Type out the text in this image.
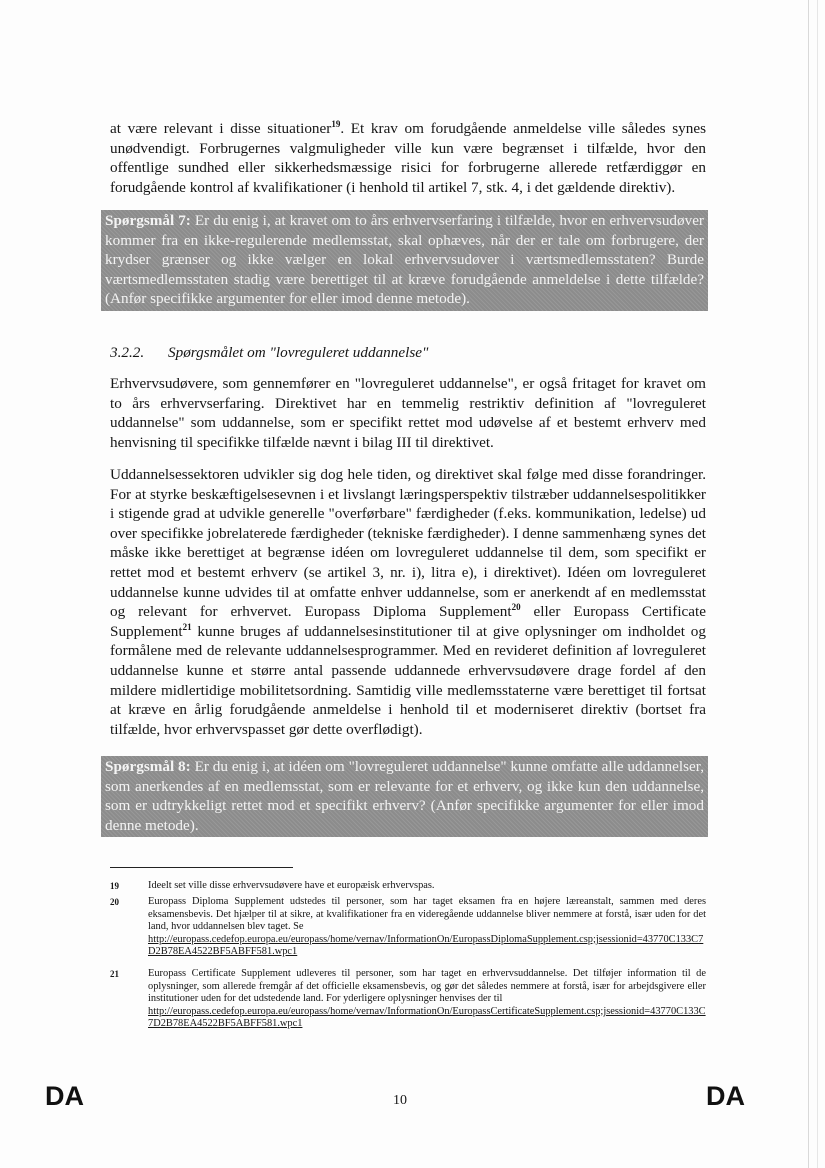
at være relevant i disse situationer$^{19}$. Et krav om forudgående anmeldelse ville således synes unødvendigt. Forbrugernes valgmuligheder ville kun være begrænset i tilfælde, hvor den offentlige sundhed eller sikkerhedsmæssige risici for forbrugerne allerede retfærdiggør en forudgående kontrol af kvalifikationer (i henhold til artikel 7, stk. 4, i det gældende direktiv).

Spørgsmål 7: Er du enig i, at kravet om to års erhvervserfaring i tilfælde, hvor en erhvervsudøver kommer fra en ikke-regulerende medlemsstat, skal ophæves, når der er tale om forbrugere, der krydser grænser og ikke vælger en lokal erhvervsudøver i værtsmedlemsstaten? Burde værtsmedlemsstaten stadig være berettiget til at kræve forudgående anmeldelse i dette tilfælde? (Anfør specifikke argumenter for eller imod denne metode).

3.2.2. Spørgsmålet om "lovreguleret uddannelse"

Erhvervsudøvere, som gennemfører en "lovreguleret uddannelse", er også fritaget for kravet om to års erhvervserfaring. Direktivet har en temmelig restriktiv definition af "lovreguleret uddannelse" som uddannelse, som er specifikt rettet mod udøvelse af et bestemt erhverv med henvisning til specifikke tilfælde nævnt i bilag III til direktivet.

Uddannelsessektoren udvikler sig dog hele tiden, og direktivet skal følge med disse forandringer. For at styrke beskæftigelsesevnen i et livslangt læringsperspektiv tilstræber uddannelsespolitikker i stigende grad at udvikle generelle "overførbare" færdigheder (f.eks. kommunikation, ledelse) ud over specifikke jobrelaterede færdigheder (tekniske færdigheder). I denne sammenhæng synes det måske ikke berettiget at begrænse idéen om lovreguleret uddannelse til dem, som specifikt er rettet mod et bestemt erhverv (se artikel 3, nr. i), litra e), i direktivet). Idéen om lovreguleret uddannelse kunne udvides til at omfatte enhver uddannelse, som er anerkendt af en medlemsstat og relevant for erhvervet. Europass Diploma Supplement$^{20}$ eller Europass Certificate Supplement$^{21}$ kunne bruges af uddannelsesinstitutioner til at give oplysninger om indholdet og formålene med de relevante uddannelsesprogrammer. Med en revideret definition af lovreguleret uddannelse kunne et større antal passende uddannede erhvervsudøvere drage fordel af den mildere midlertidige mobilitetsordning. Samtidig ville medlemsstaterne være berettiget til fortsat at kræve en årlig forudgående anmeldelse i henhold til et moderniseret direktiv (bortset fra tilfælde, hvor erhvervspasset gør dette overflødigt).

Spørgsmål 8: Er du enig i, at idéen om "lovreguleret uddannelse" kunne omfatte alle uddannelser, som anerkendes af en medlemsstat, som er relevante for et erhverv, og ikke kun den uddannelse, som er udtrykkeligt rettet mod et specifikt erhverv? (Anfør specifikke argumenter for eller imod denne metode).
19	Ideelt set ville disse erhvervsudøvere have et europæisk erhvervspas.
20	Europass Diploma Supplement udstedes til personer, som har taget eksamen fra en højere læreanstalt, sammen med deres eksamensbevis. Det hjælper til at sikre, at kvalifikationer fra en videregående uddannelse bliver nemmere at forstå, især uden for det land, hvor uddannelsen blev taget. Se
http://europass.cedefop.europa.eu/europass/home/vernav/InformationOn/EuropassDiplomaSupplement.csp;jsessionid=43770C133C7D2B78EA4522BF5ABFF581.wpc1
21	Europass Certificate Supplement udleveres til personer, som har taget en erhvervsuddannelse. Det tilføjer information til de oplysninger, som allerede fremgår af det officielle eksamensbevis, og gør det således nemmere at forstå, især for arbejdsgivere eller institutioner uden for det udstedende land. For yderligere oplysninger henvises der til
http://europass.cedefop.europa.eu/europass/home/vernav/InformationOn/EuropassCertificateSupplement.csp;jsessionid=43770C133C7D2B78EA4522BF5ABFF581.wpc1
DA	10	DA
